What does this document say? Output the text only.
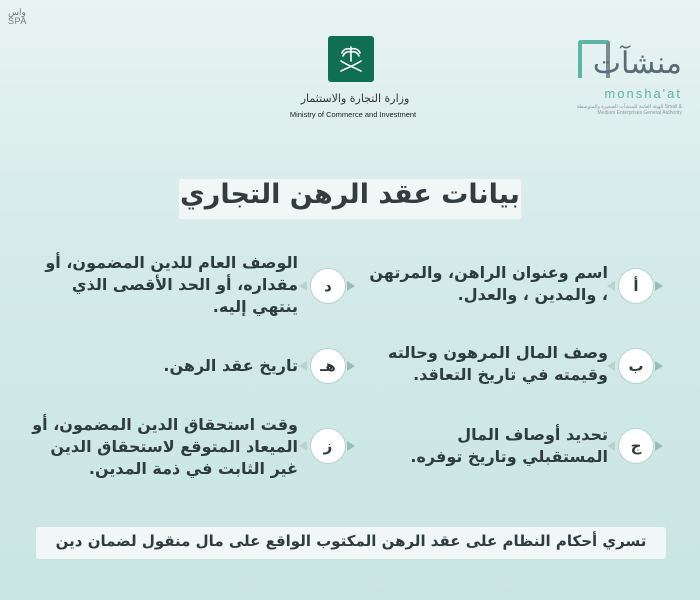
واس
SPA
وزارة التجارة والاستثمار
Ministry of Commerce and Investment
منشآت
monsha'at
الهيئة العامة للمنشآت الصغيرة والمتوسطة Small & Medium Enterprises General Authority
بيانات عقد الرهن التجاري
أ
اسم وعنوان الراهن، والمرتهن ، والمدين ، والعدل.
ب
وصف المال المرهون وحالته وقيمته في تاريخ التعاقد.
ج
تحديد أوصاف المال المستقبلي وتاريخ توفره.
د
الوصف العام للدين المضمون، أو مقداره، أو الحد الأقصى الذي ينتهي إليه.
هـ
تاريخ عقد الرهن.
ز
وقت استحقاق الدين المضمون، أو الميعاد المتوقع لاستحقاق الدين غير الثابت في ذمة المدين.
تسري أحكام النظام على عقد الرهن المكتوب الواقع على مال منقول لضمان دين
